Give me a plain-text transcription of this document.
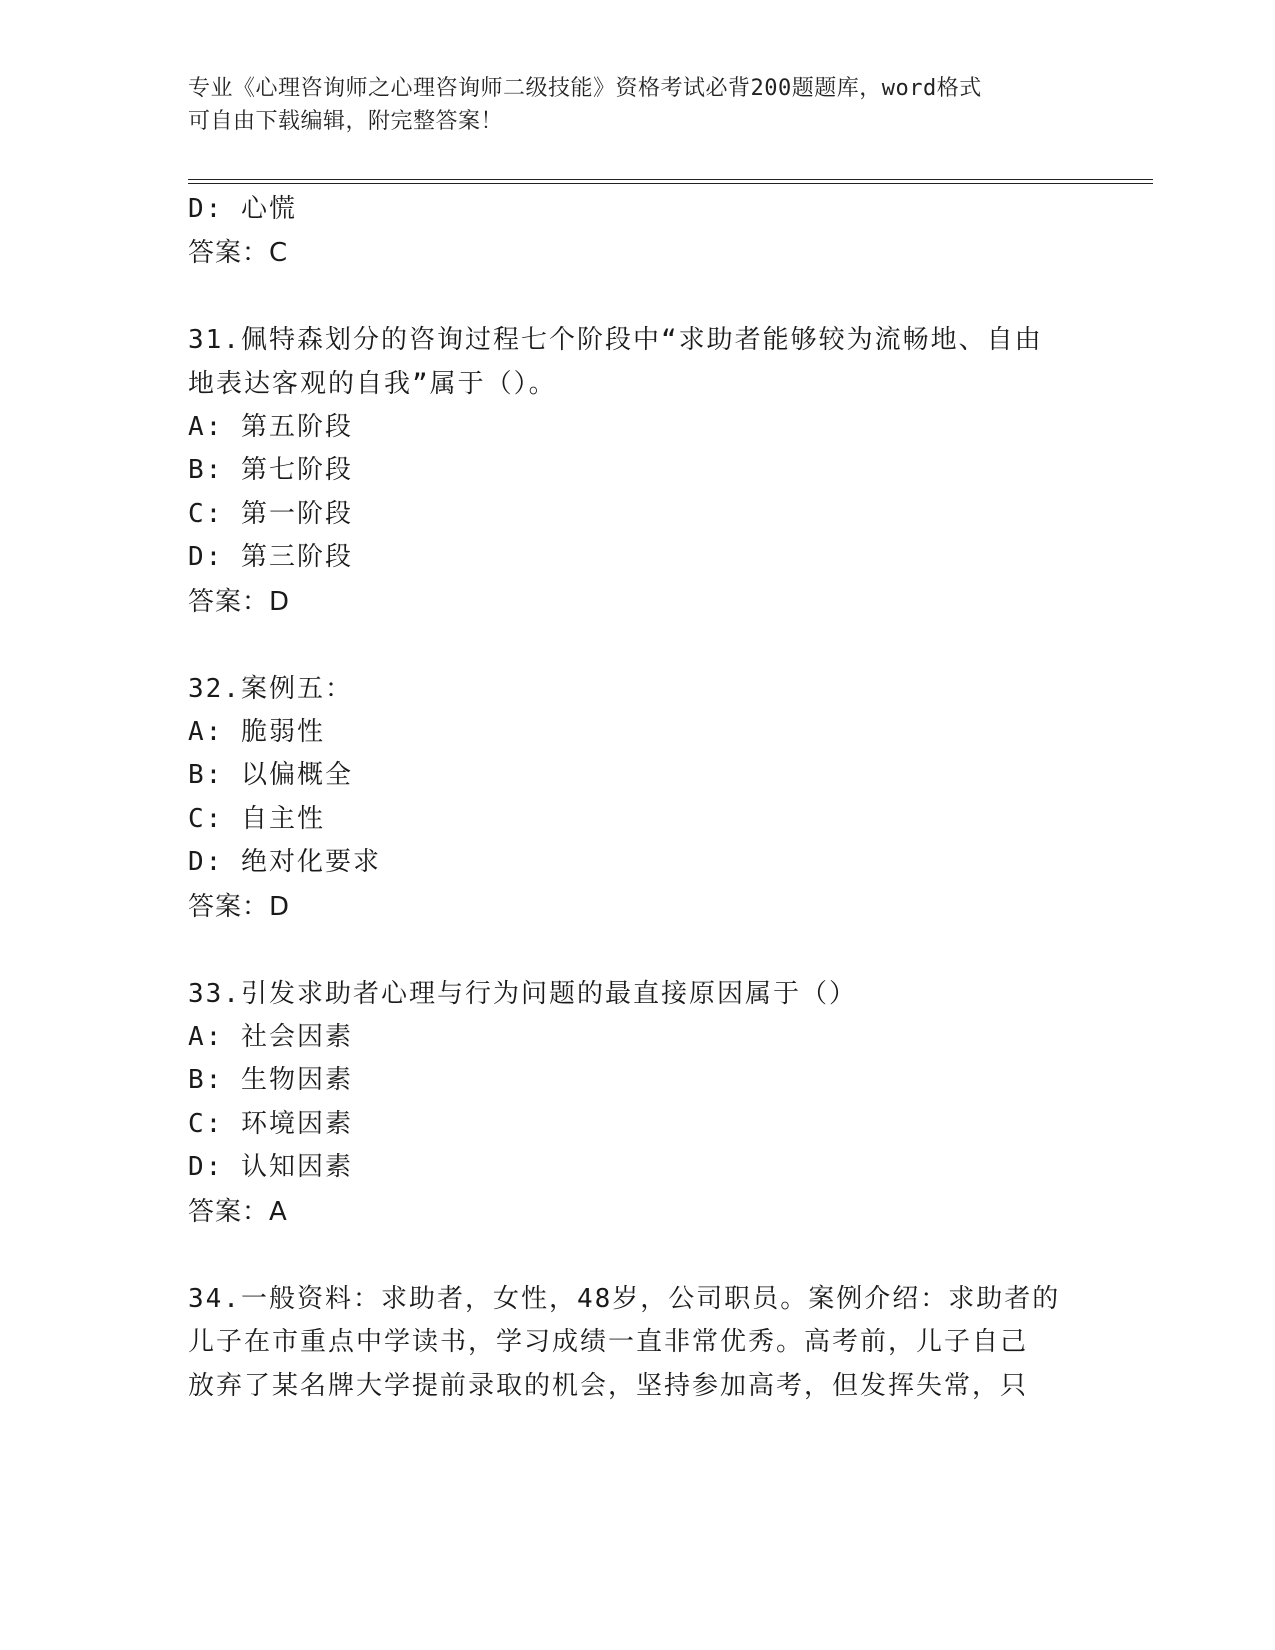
专业《心理咨询师之心理咨询师二级技能》资格考试必背200题题库，word格式
可自由下载编辑，附完整答案！
D: 心慌
答案：C
31.佩特森划分的咨询过程七个阶段中“求助者能够较为流畅地、自由
地表达客观的自我”属于（）。
A: 第五阶段
B: 第七阶段
C: 第一阶段
D: 第三阶段
答案：D
32.案例五：
A: 脆弱性
B: 以偏概全
C: 自主性
D: 绝对化要求
答案：D
33.引发求助者心理与行为问题的最直接原因属于（）
A: 社会因素
B: 生物因素
C: 环境因素
D: 认知因素
答案：A
34.一般资料：求助者，女性，48岁，公司职员。案例介绍：求助者的
儿子在市重点中学读书，学习成绩一直非常优秀。高考前，儿子自己
放弃了某名牌大学提前录取的机会，坚持参加高考，但发挥失常，只
